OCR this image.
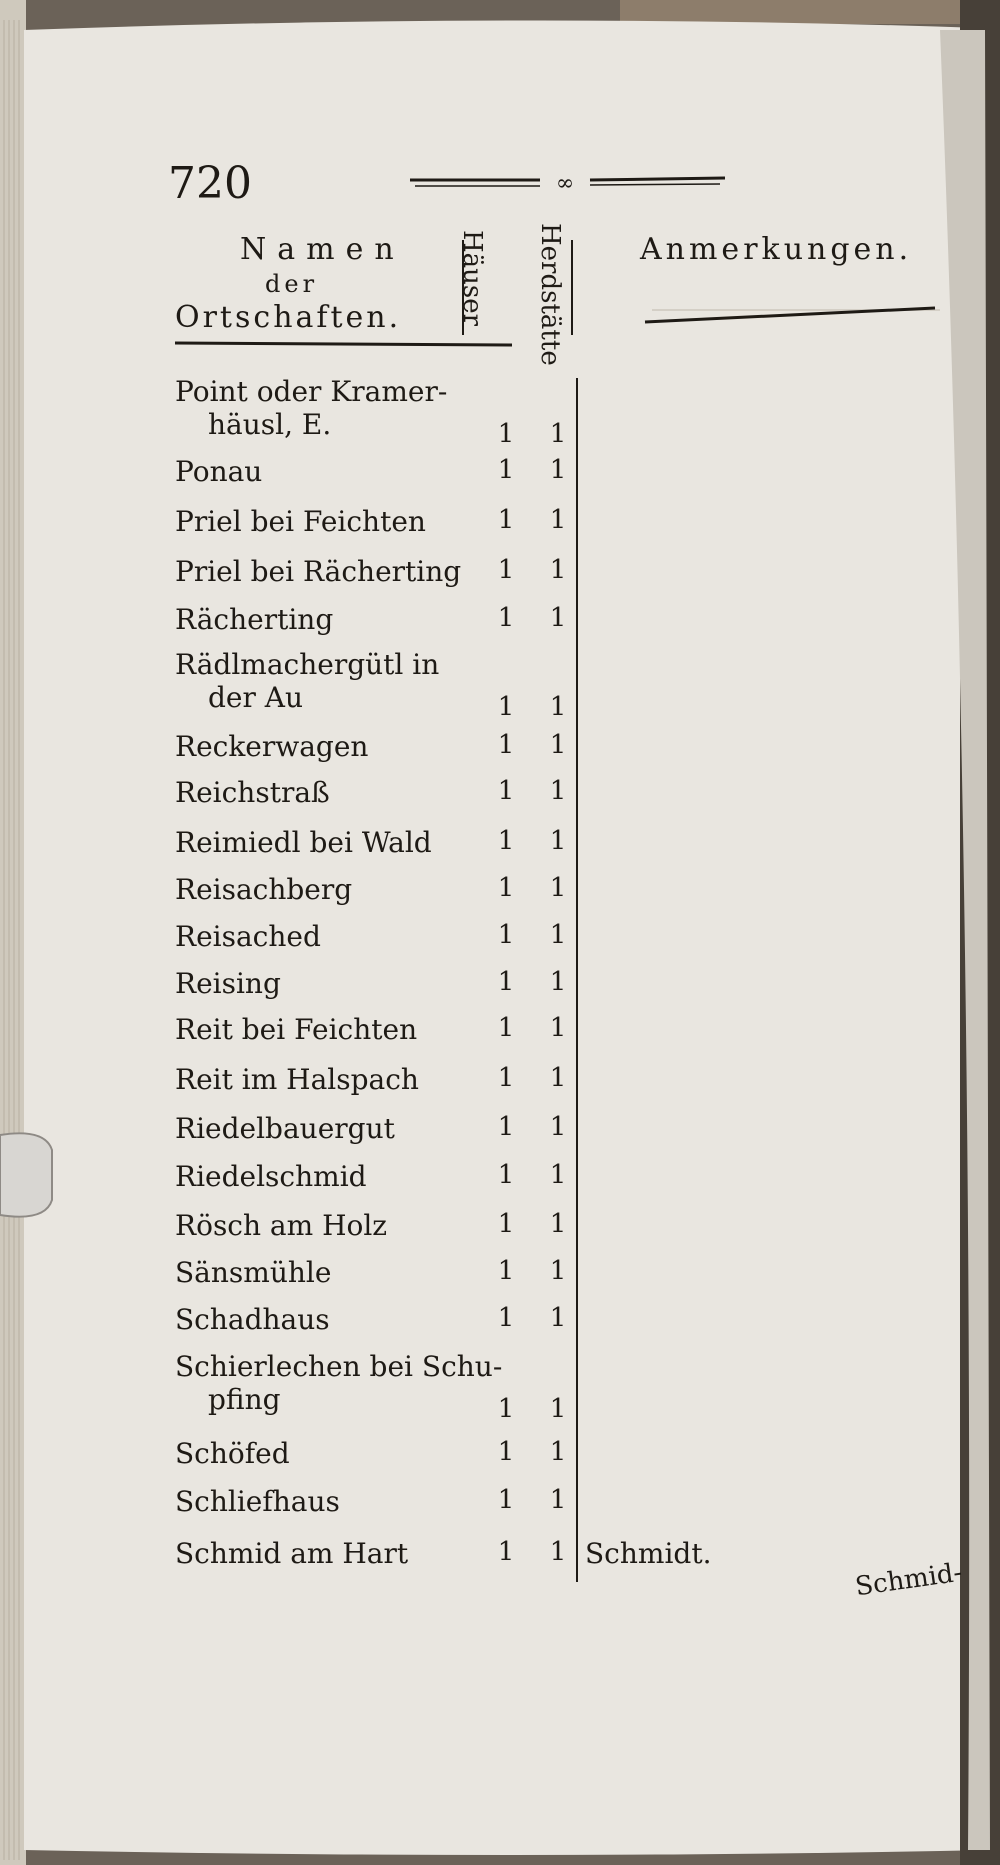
∞
720
Namen
der
Ortschaften. Häuser Herdstätte	Anmerkungen.
Point oder Kramer-
häusl, E.	1 1
Ponau	1 1
Priel bei Feichten	1 1
Priel bei Rächerting 1 1
Rächerting	1 1
Rädlmachergütl in
der Au	1 1
Reckerwagen	1 1
Reichstraß	1 1
Reimiedl bei Wald	1 1
Reisachberg	1 1
Reisached	1 1
Reising	1 1
Reit bei Feichten	1 1
Reit im Halspach	1 1
Riedelbauergut	1 1
Riedelschmid	1 1
Rösch am Holz	1 1
Sänsmühle	1 1
Schadhaus	1 1
Schierlechen bei Schu-
pfing	1 1
Schöfed	1 1
Schliefhaus	1 1
Schmid am Hart	1 1 Schmidt.
Schmid-
